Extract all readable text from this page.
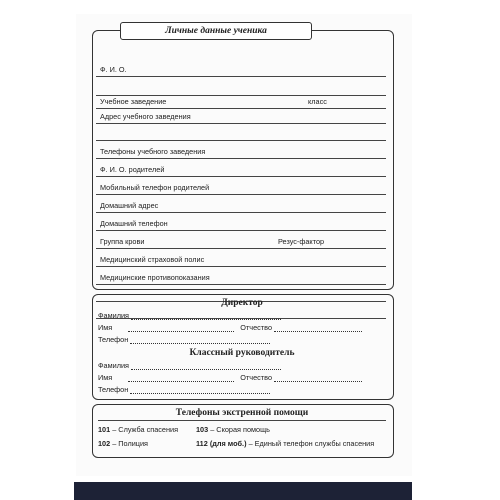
Личные данные ученика
Ф. И. О.
Учебное заведение	класс
Адрес учебного заведения
Телефоны учебного заведения
Ф. И. О. родителей
Мобильный телефон родителей
Домашний адрес
Домашний телефон
Группа крови	Резус-фактор
Медицинский страховой полис
Медицинские противопоказания
Директор
Фамилия
Имя	Отчество
Телефон
Классный руководитель
Фамилия
Имя	Отчество
Телефон
Телефоны экстренной помощи
101 – Служба спасения 103 – Скорая помощь
102 – Полиция	112 (для моб.) – Единый телефон службы спасения
